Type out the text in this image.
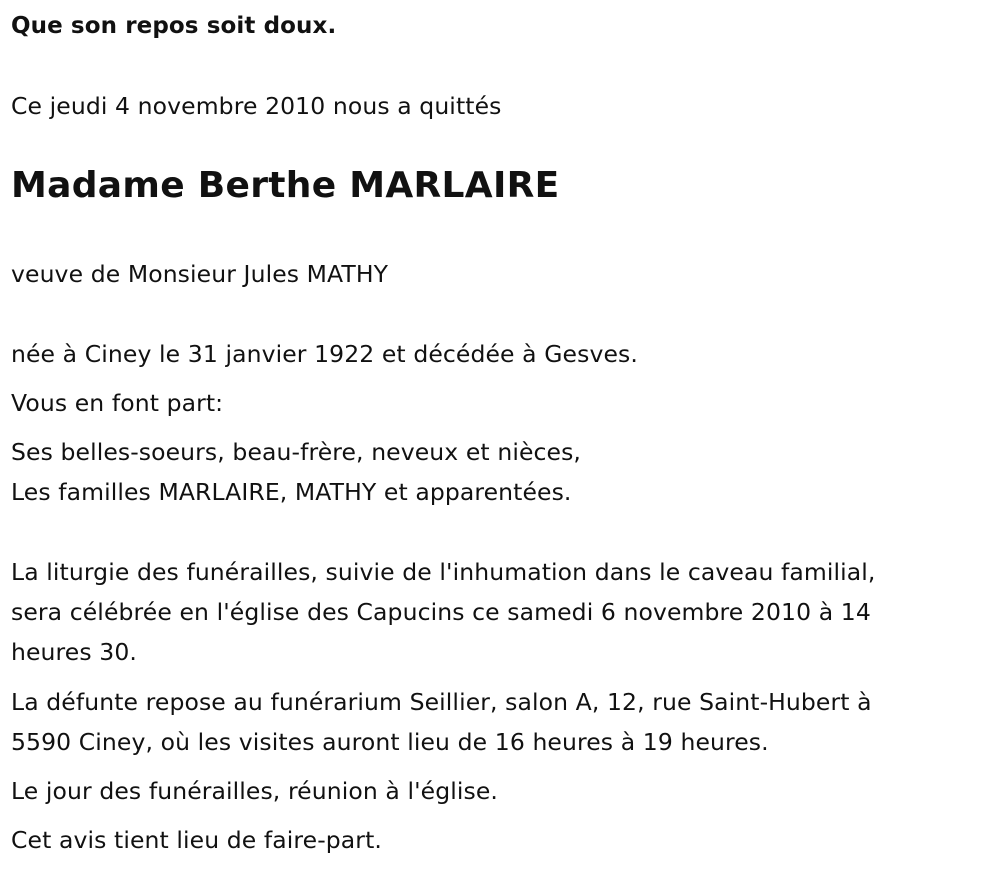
Que son repos soit doux.
Ce jeudi 4 novembre 2010 nous a quittés
Madame Berthe MARLAIRE
veuve de Monsieur Jules MATHY
née à Ciney le 31 janvier 1922 et décédée à Gesves.
Vous en font part:
Ses belles-soeurs, beau-frère, neveux et nièces,
Les familles MARLAIRE, MATHY et apparentées.
La liturgie des funérailles, suivie de l'inhumation dans le caveau familial,
sera célébrée en l'église des Capucins ce samedi 6 novembre 2010 à 14
heures 30.
La défunte repose au funérarium Seillier, salon A, 12, rue Saint-Hubert à
5590 Ciney, où les visites auront lieu de 16 heures à 19 heures.
Le jour des funérailles, réunion à l'église.
Cet avis tient lieu de faire-part.
